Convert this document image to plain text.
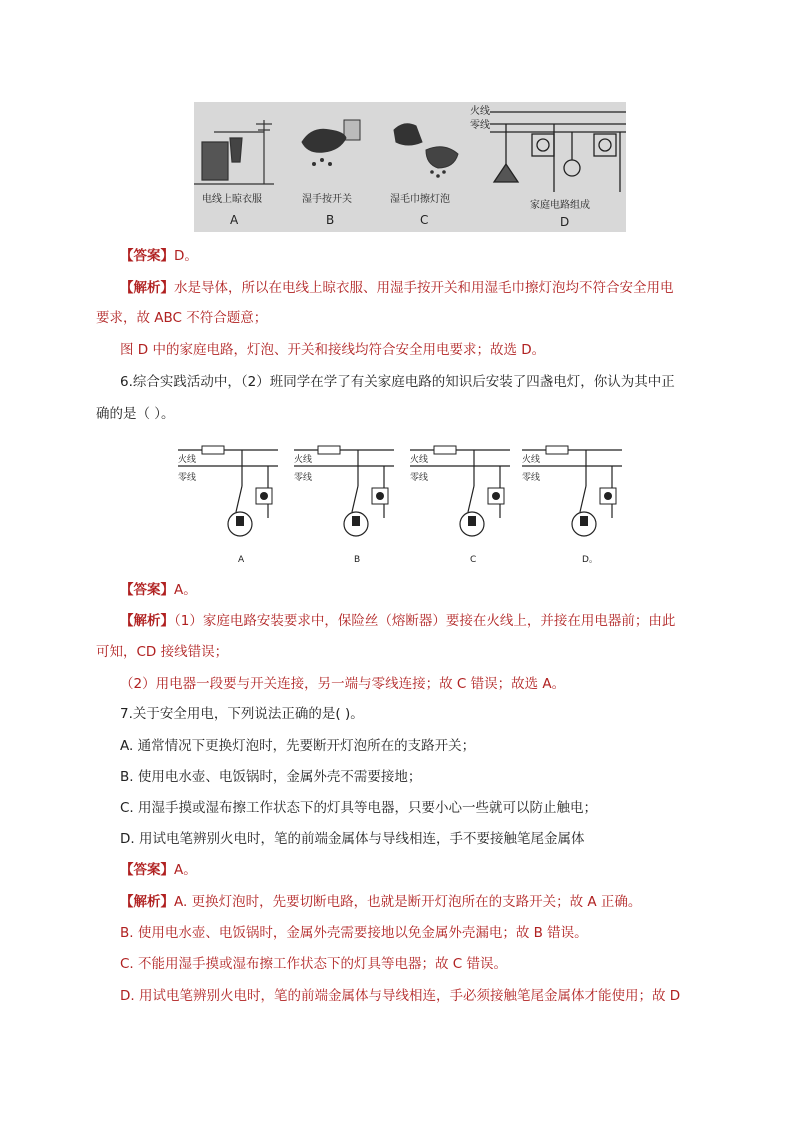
火线
零线
电线上晾衣服
A
湿手按开关
B
湿毛巾擦灯泡
C
家庭电路组成
D
【答案】D。
【解析】水是导体，所以在电线上晾衣服、用湿手按开关和用湿毛巾擦灯泡均不符合安全用电
要求，故 ABC 不符合题意；
图 D 中的家庭电路，灯泡、开关和接线均符合安全用电要求；故选 D。
6.综合实践活动中，（2）班同学在学了有关家庭电路的知识后安装了四盏电灯，你认为其中正
确的是（ ）。
火线
零线
A
火线
零线
B
火线
零线
C
火线
零线
D。
【答案】A。
【解析】（1）家庭电路安装要求中，保险丝（熔断器）要接在火线上，并接在用电器前；由此
可知，CD 接线错误；
（2）用电器一段要与开关连接，另一端与零线连接；故 C 错误；故选 A。
7.关于安全用电，下列说法正确的是( )。
A. 通常情况下更换灯泡时，先要断开灯泡所在的支路开关；
B. 使用电水壶、电饭锅时，金属外壳不需要接地；
C. 用湿手摸或湿布擦工作状态下的灯具等电器，只要小心一些就可以防止触电；
D. 用试电笔辨别火电时，笔的前端金属体与导线相连，手不要接触笔尾金属体
【答案】A。
【解析】A. 更换灯泡时，先要切断电路，也就是断开灯泡所在的支路开关；故 A 正确。
B. 使用电水壶、电饭锅时，金属外壳需要接地以免金属外壳漏电；故 B 错误。
C. 不能用湿手摸或湿布擦工作状态下的灯具等电器；故 C 错误。
D. 用试电笔辨别火电时，笔的前端金属体与导线相连，手必须接触笔尾金属体才能使用；故 D
